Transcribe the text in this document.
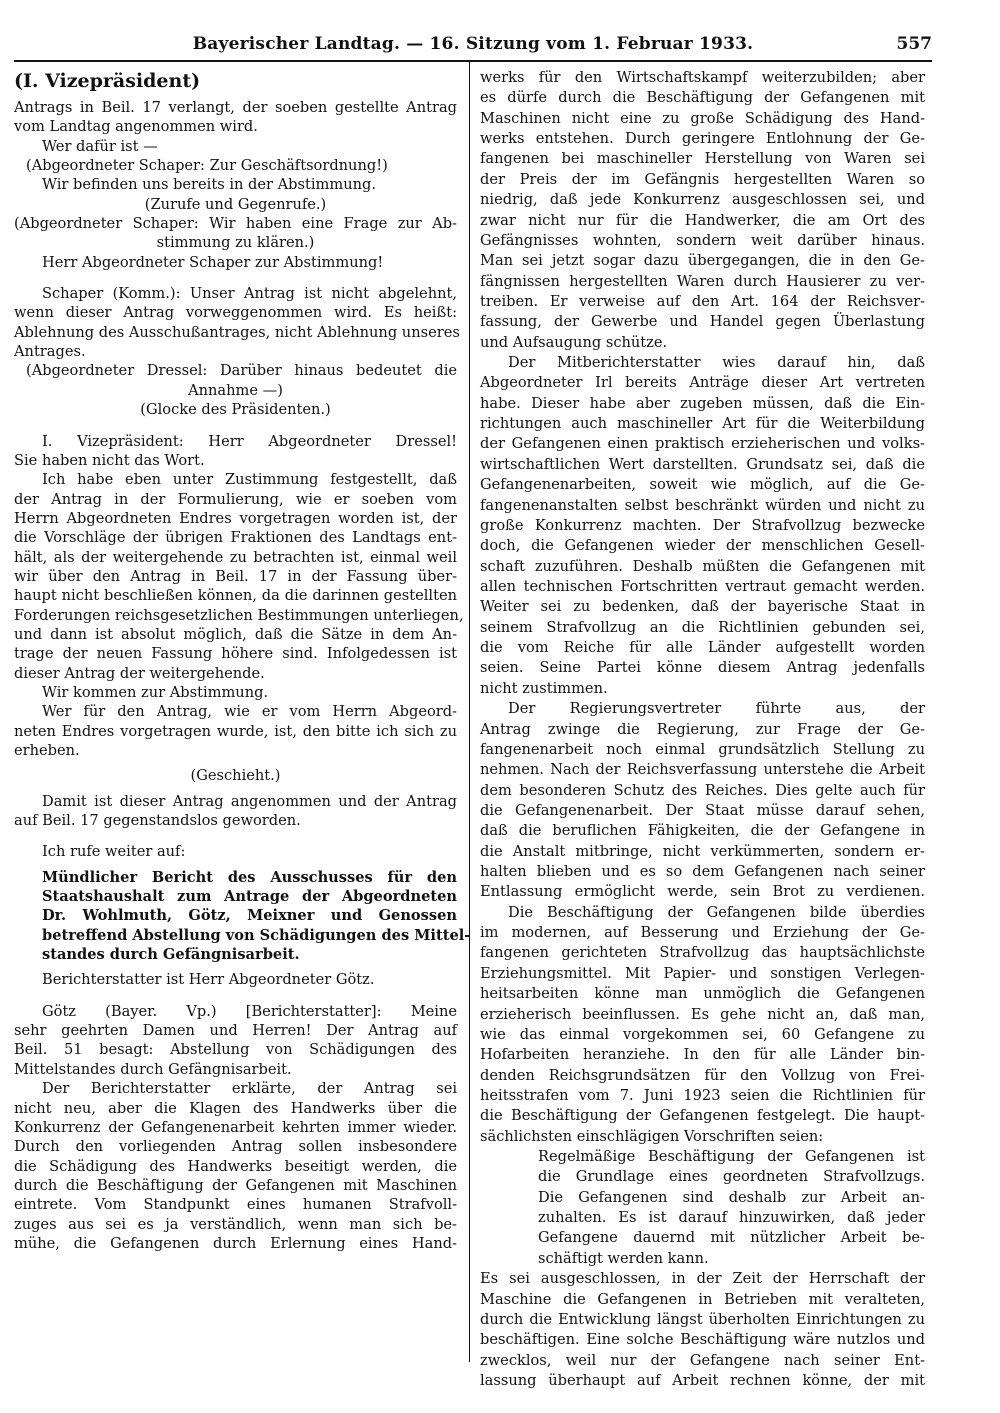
Bayerischer Landtag. — 16. Sitzung vom 1. Februar 1933.	557
(I. Vizepräsident)
Antrags in Beil. 17 verlangt, der soeben gestellte Antrag
vom Landtag angenommen wird.
Wer dafür ist —
(Abgeordneter Schaper: Zur Geschäftsordnung!)
Wir befinden uns bereits in der Abstimmung.
(Zurufe und Gegenrufe.)
(Abgeordneter Schaper: Wir haben eine Frage zur Ab-
stimmung zu klären.)
Herr Abgeordneter Schaper zur Abstimmung!
Schaper (Komm.): Unser Antrag ist nicht abgelehnt,
wenn dieser Antrag vorweggenommen wird. Es heißt:
Ablehnung des Ausschußantrages, nicht Ablehnung unseres
Antrages.
(Abgeordneter Dressel: Darüber hinaus bedeutet die
Annahme —)
(Glocke des Präsidenten.)
I. Vizepräsident: Herr Abgeordneter Dressel!
Sie haben nicht das Wort.
Ich habe eben unter Zustimmung festgestellt, daß
der Antrag in der Formulierung, wie er soeben vom
Herrn Abgeordneten Endres vorgetragen worden ist, der
die Vorschläge der übrigen Fraktionen des Landtags ent-
hält, als der weitergehende zu betrachten ist, einmal weil
wir über den Antrag in Beil. 17 in der Fassung über-
haupt nicht beschließen können, da die darinnen gestellten
Forderungen reichsgesetzlichen Bestimmungen unterliegen,
und dann ist absolut möglich, daß die Sätze in dem An-
trage der neuen Fassung höhere sind. Infolgedessen ist
dieser Antrag der weitergehende.
Wir kommen zur Abstimmung.
Wer für den Antrag, wie er vom Herrn Abgeord-
neten Endres vorgetragen wurde, ist, den bitte ich sich zu
erheben.
(Geschieht.)
Damit ist dieser Antrag angenommen und der Antrag
auf Beil. 17 gegenstandslos geworden.
Ich rufe weiter auf:
Mündlicher Bericht des Ausschusses für den
Staatshaushalt zum Antrage der Abgeordneten
Dr. Wohlmuth, Götz, Meixner und Genossen
betreffend Abstellung von Schädigungen des Mittel-
standes durch Gefängnisarbeit.
Berichterstatter ist Herr Abgeordneter Götz.
Götz (Bayer. Vp.) [Berichterstatter]: Meine
sehr geehrten Damen und Herren! Der Antrag auf
Beil. 51 besagt: Abstellung von Schädigungen des
Mittelstandes durch Gefängnisarbeit.
Der Berichterstatter erklärte, der Antrag sei
nicht neu, aber die Klagen des Handwerks über die
Konkurrenz der Gefangenenarbeit kehrten immer wieder.
Durch den vorliegenden Antrag sollen insbesondere
die Schädigung des Handwerks beseitigt werden, die
durch die Beschäftigung der Gefangenen mit Maschinen
eintrete. Vom Standpunkt eines humanen Strafvoll-
zuges aus sei es ja verständlich, wenn man sich be-
mühe, die Gefangenen durch Erlernung eines Hand-
werks für den Wirtschaftskampf weiterzubilden; aber
es dürfe durch die Beschäftigung der Gefangenen mit
Maschinen nicht eine zu große Schädigung des Hand-
werks entstehen. Durch geringere Entlohnung der Ge-
fangenen bei maschineller Herstellung von Waren sei
der Preis der im Gefängnis hergestellten Waren so
niedrig, daß jede Konkurrenz ausgeschlossen sei, und
zwar nicht nur für die Handwerker, die am Ort des
Gefängnisses wohnten, sondern weit darüber hinaus.
Man sei jetzt sogar dazu übergegangen, die in den Ge-
fängnissen hergestellten Waren durch Hausierer zu ver-
treiben. Er verweise auf den Art. 164 der Reichsver-
fassung, der Gewerbe und Handel gegen Überlastung
und Aufsaugung schütze.
Der Mitberichterstatter wies darauf hin, daß
Abgeordneter Irl bereits Anträge dieser Art vertreten
habe. Dieser habe aber zugeben müssen, daß die Ein-
richtungen auch maschineller Art für die Weiterbildung
der Gefangenen einen praktisch erzieherischen und volks-
wirtschaftlichen Wert darstellten. Grundsatz sei, daß die
Gefangenenarbeiten, soweit wie möglich, auf die Ge-
fangenenanstalten selbst beschränkt würden und nicht zu
große Konkurrenz machten. Der Strafvollzug bezwecke
doch, die Gefangenen wieder der menschlichen Gesell-
schaft zuzuführen. Deshalb müßten die Gefangenen mit
allen technischen Fortschritten vertraut gemacht werden.
Weiter sei zu bedenken, daß der bayerische Staat in
seinem Strafvollzug an die Richtlinien gebunden sei,
die vom Reiche für alle Länder aufgestellt worden
seien. Seine Partei könne diesem Antrag jedenfalls
nicht zustimmen.
Der Regierungsvertreter führte aus, der
Antrag zwinge die Regierung, zur Frage der Ge-
fangenenarbeit noch einmal grundsätzlich Stellung zu
nehmen. Nach der Reichsverfassung unterstehe die Arbeit
dem besonderen Schutz des Reiches. Dies gelte auch für
die Gefangenenarbeit. Der Staat müsse darauf sehen,
daß die beruflichen Fähigkeiten, die der Gefangene in
die Anstalt mitbringe, nicht verkümmerten, sondern er-
halten blieben und es so dem Gefangenen nach seiner
Entlassung ermöglicht werde, sein Brot zu verdienen.
Die Beschäftigung der Gefangenen bilde überdies
im modernen, auf Besserung und Erziehung der Ge-
fangenen gerichteten Strafvollzug das hauptsächlichste
Erziehungsmittel. Mit Papier- und sonstigen Verlegen-
heitsarbeiten könne man unmöglich die Gefangenen
erzieherisch beeinflussen. Es gehe nicht an, daß man,
wie das einmal vorgekommen sei, 60 Gefangene zu
Hofarbeiten heranziehe. In den für alle Länder bin-
denden Reichsgrundsätzen für den Vollzug von Frei-
heitsstrafen vom 7. Juni 1923 seien die Richtlinien für
die Beschäftigung der Gefangenen festgelegt. Die haupt-
sächlichsten einschlägigen Vorschriften seien:
Regelmäßige Beschäftigung der Gefangenen ist
die Grundlage eines geordneten Strafvollzugs.
Die Gefangenen sind deshalb zur Arbeit an-
zuhalten. Es ist darauf hinzuwirken, daß jeder
Gefangene dauernd mit nützlicher Arbeit be-
schäftigt werden kann.
Es sei ausgeschlossen, in der Zeit der Herrschaft der
Maschine die Gefangenen in Betrieben mit veralteten,
durch die Entwicklung längst überholten Einrichtungen zu
beschäftigen. Eine solche Beschäftigung wäre nutzlos und
zwecklos, weil nur der Gefangene nach seiner Ent-
lassung überhaupt auf Arbeit rechnen könne, der mit
